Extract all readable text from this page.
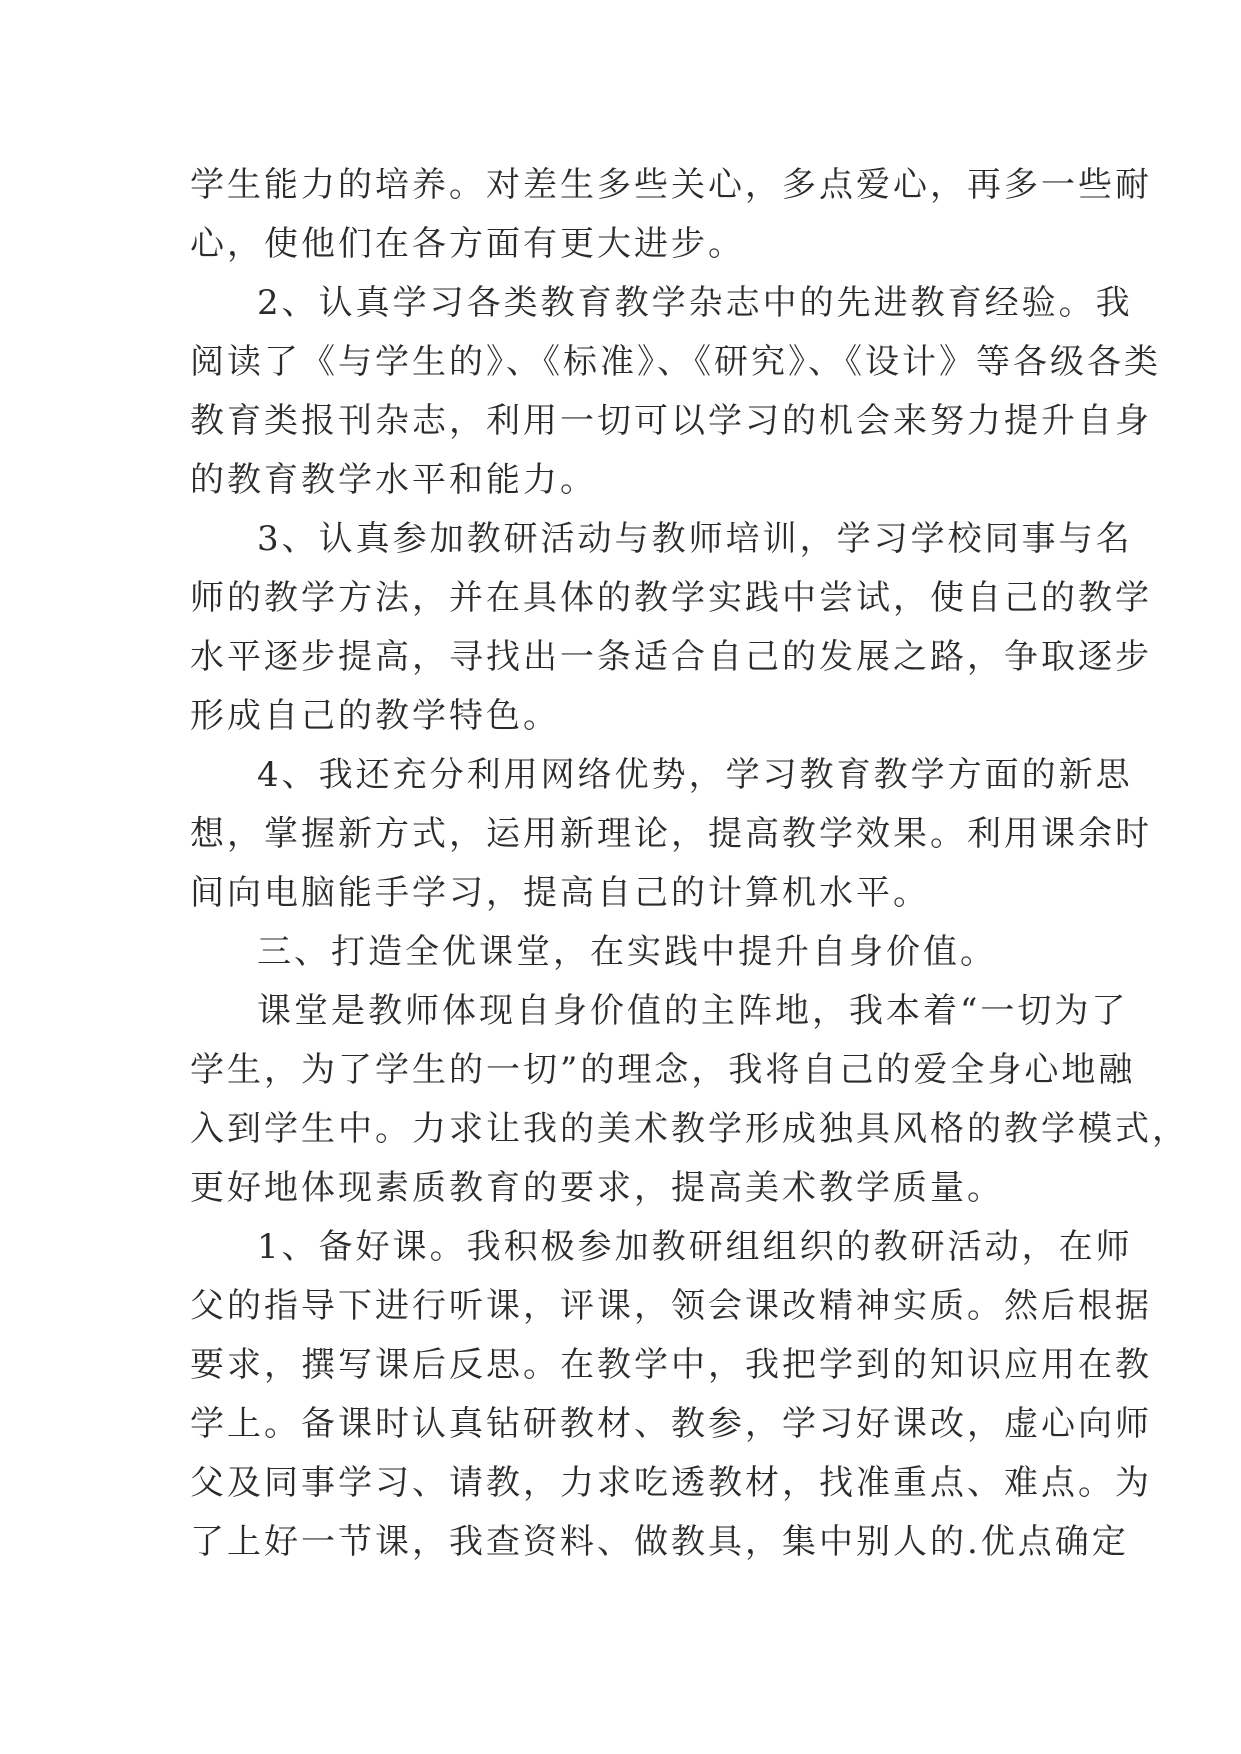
学生能力的培养。对差生多些关心，多点爱心，再多一些耐
心，使他们在各方面有更大进步。
2、认真学习各类教育教学杂志中的先进教育经验。我
阅读了《与学生的》、《标准》、《研究》、《设计》等各级各类
教育类报刊杂志，利用一切可以学习的机会来努力提升自身
的教育教学水平和能力。
3、认真参加教研活动与教师培训，学习学校同事与名
师的教学方法，并在具体的教学实践中尝试，使自己的教学
水平逐步提高，寻找出一条适合自己的发展之路，争取逐步
形成自己的教学特色。
4、我还充分利用网络优势，学习教育教学方面的新思
想，掌握新方式，运用新理论，提高教学效果。利用课余时
间向电脑能手学习，提高自己的计算机水平。
三、打造全优课堂，在实践中提升自身价值。
课堂是教师体现自身价值的主阵地，我本着“一切为了
学生，为了学生的一切”的理念，我将自己的爱全身心地融
入到学生中。力求让我的美术教学形成独具风格的教学模式，
更好地体现素质教育的要求，提高美术教学质量。
1、备好课。我积极参加教研组组织的教研活动，在师
父的指导下进行听课，评课，领会课改精神实质。然后根据
要求，撰写课后反思。在教学中，我把学到的知识应用在教
学上。备课时认真钻研教材、教参，学习好课改，虚心向师
父及同事学习、请教，力求吃透教材，找准重点、难点。为
了上好一节课，我查资料、做教具，集中别人的.优点确定
